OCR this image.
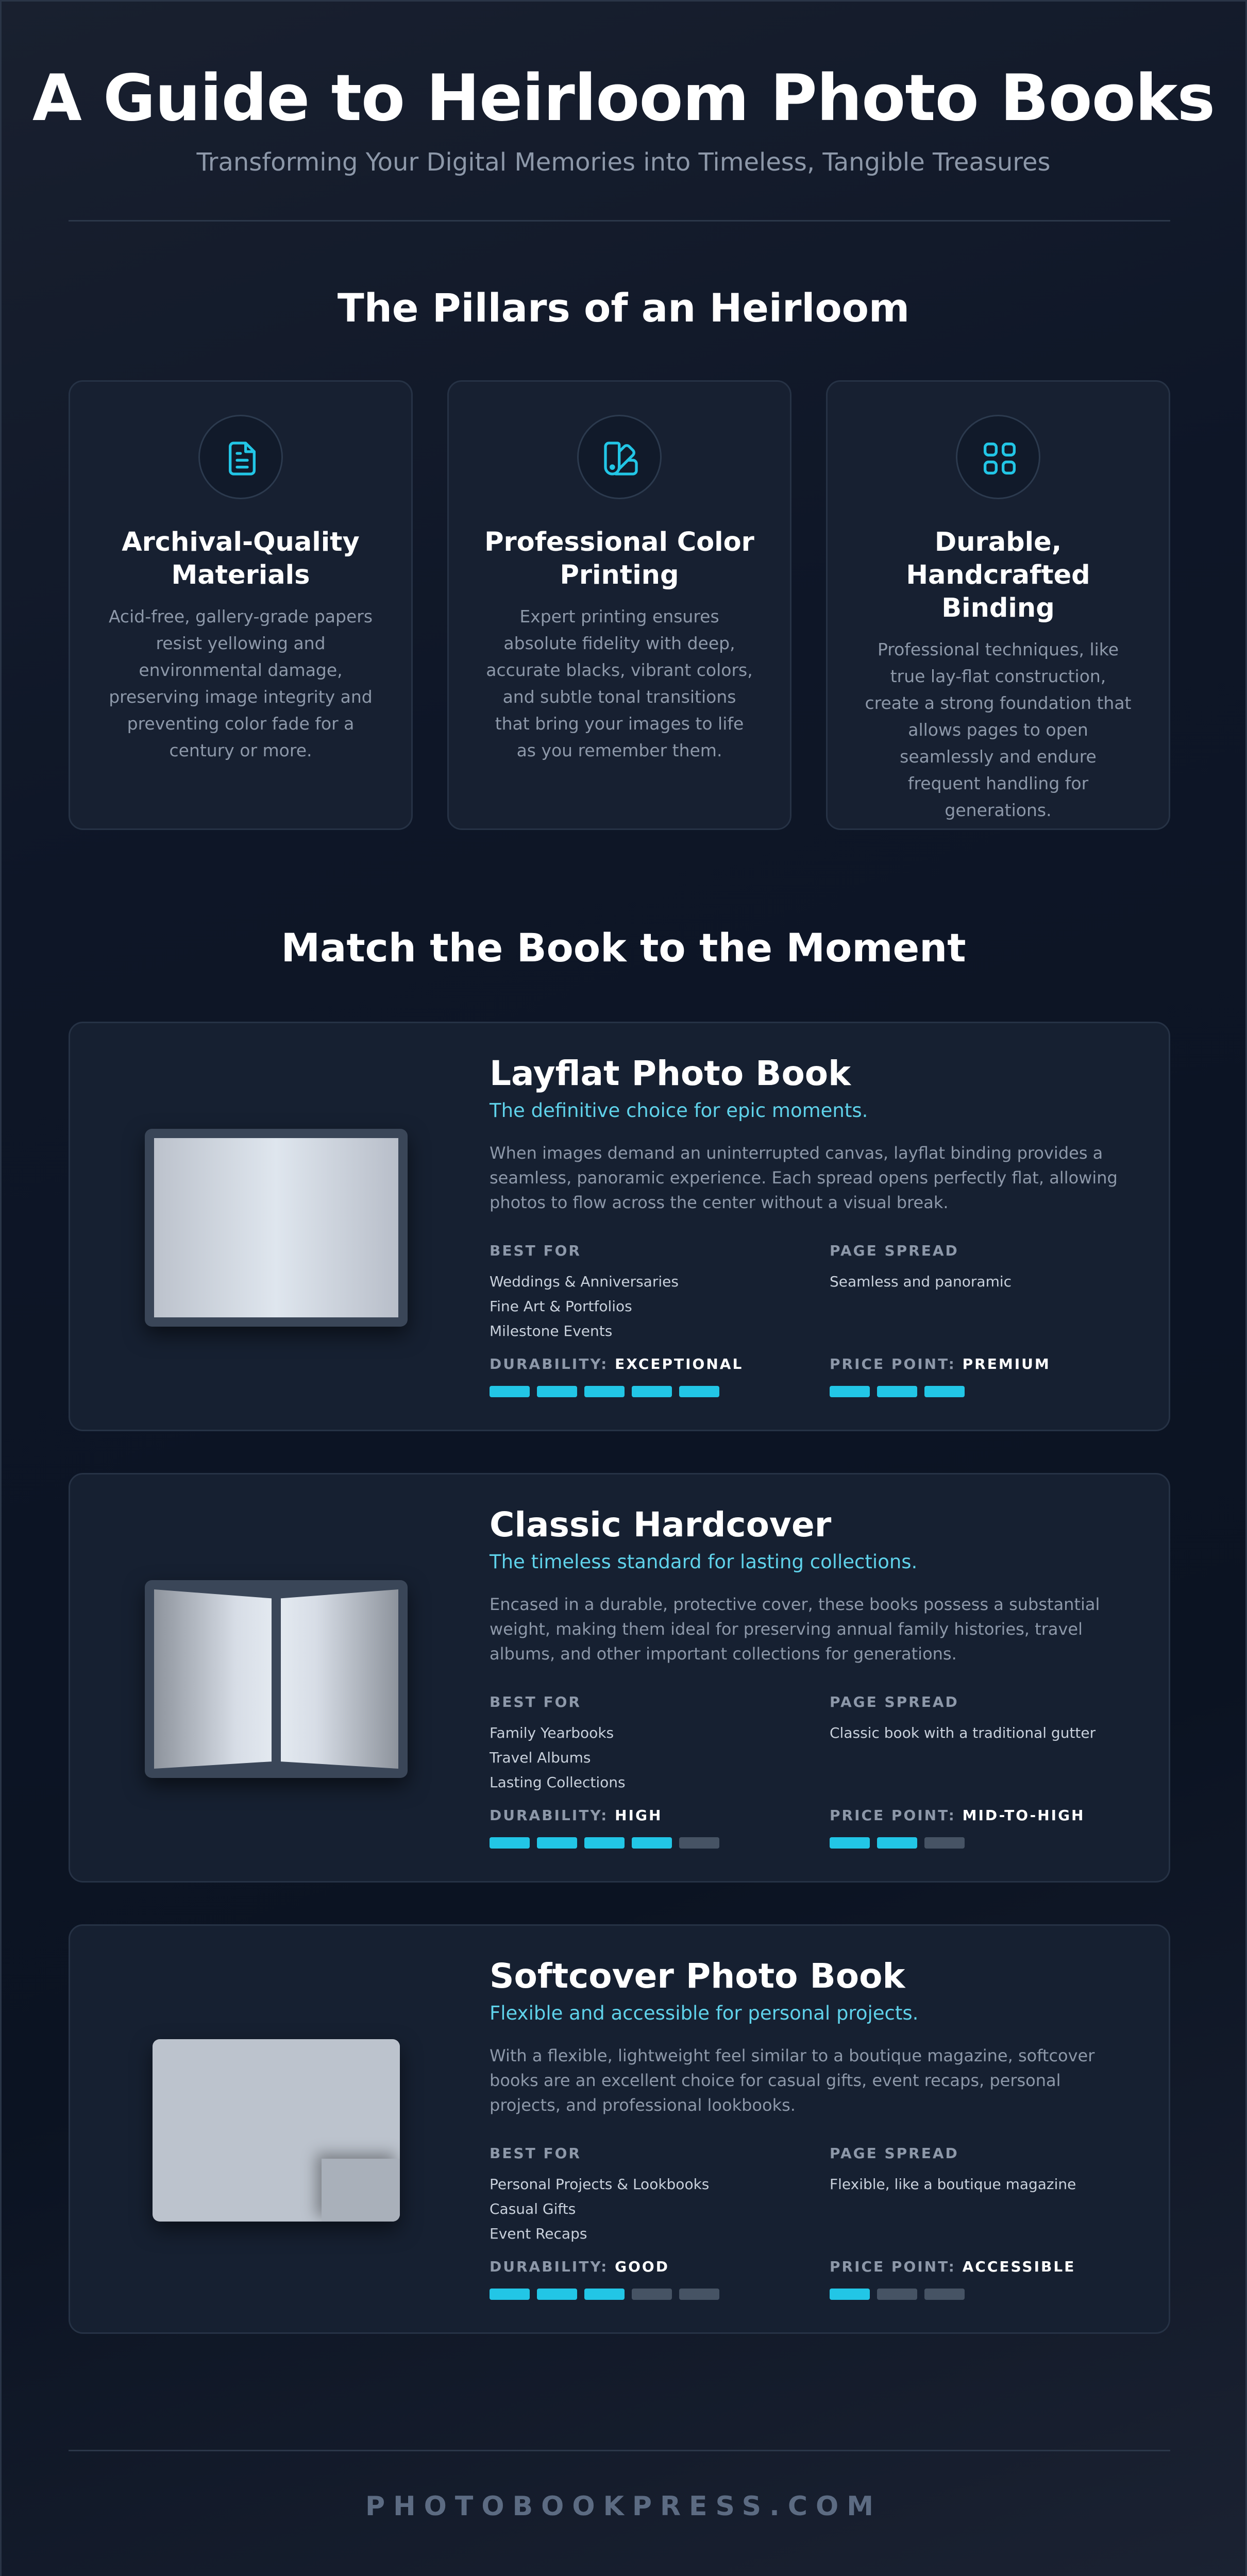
A Guide to Heirloom Photo Books

Transforming Your Digital Memories into Timeless, Tangible Treasures

The Pillars of an Heirloom
Archival-Quality Materials

Acid-free, gallery-grade papers resist yellowing and environmental damage, preserving image integrity and preventing color fade for a century or more.

Professional Color Printing

Expert printing ensures absolute fidelity with deep, accurate blacks, vibrant colors, and subtle tonal transitions that bring your images to life as you remember them.

Durable, Handcrafted Binding

Professional techniques, like true lay-flat construction, create a strong foundation that allows pages to open seamlessly and endure frequent handling for generations.

Match the Book to the Moment
Layflat Photo Book

The definitive choice for epic moments.

When images demand an uninterrupted canvas, layflat binding provides a seamless, panoramic experience. Each spread opens perfectly flat, allowing photos to flow across the center without a visual break.

BEST FOR

Weddings & Anniversaries
Fine Art & Portfolios
Milestone Events

PAGE SPREAD

Seamless and panoramic

DURABILITY: EXCEPTIONAL	PRICE POINT: PREMIUM

Classic Hardcover

The timeless standard for lasting collections.

Encased in a durable, protective cover, these books possess a substantial weight, making them ideal for preserving annual family histories, travel albums, and other important collections for generations.

BEST FOR

Family Yearbooks
Travel Albums
Lasting Collections

PAGE SPREAD

Classic book with a traditional gutter

DURABILITY: HIGH	PRICE POINT: MID-TO-HIGH

Softcover Photo Book

Flexible and accessible for personal projects.

With a flexible, lightweight feel similar to a boutique magazine, softcover books are an excellent choice for casual gifts, event recaps, personal projects, and professional lookbooks.

BEST FOR

Personal Projects & Lookbooks
Casual Gifts
Event Recaps

PAGE SPREAD

Flexible, like a boutique magazine

DURABILITY: GOOD	PRICE POINT: ACCESSIBLE

PHOTOBOOKPRESS.COM
